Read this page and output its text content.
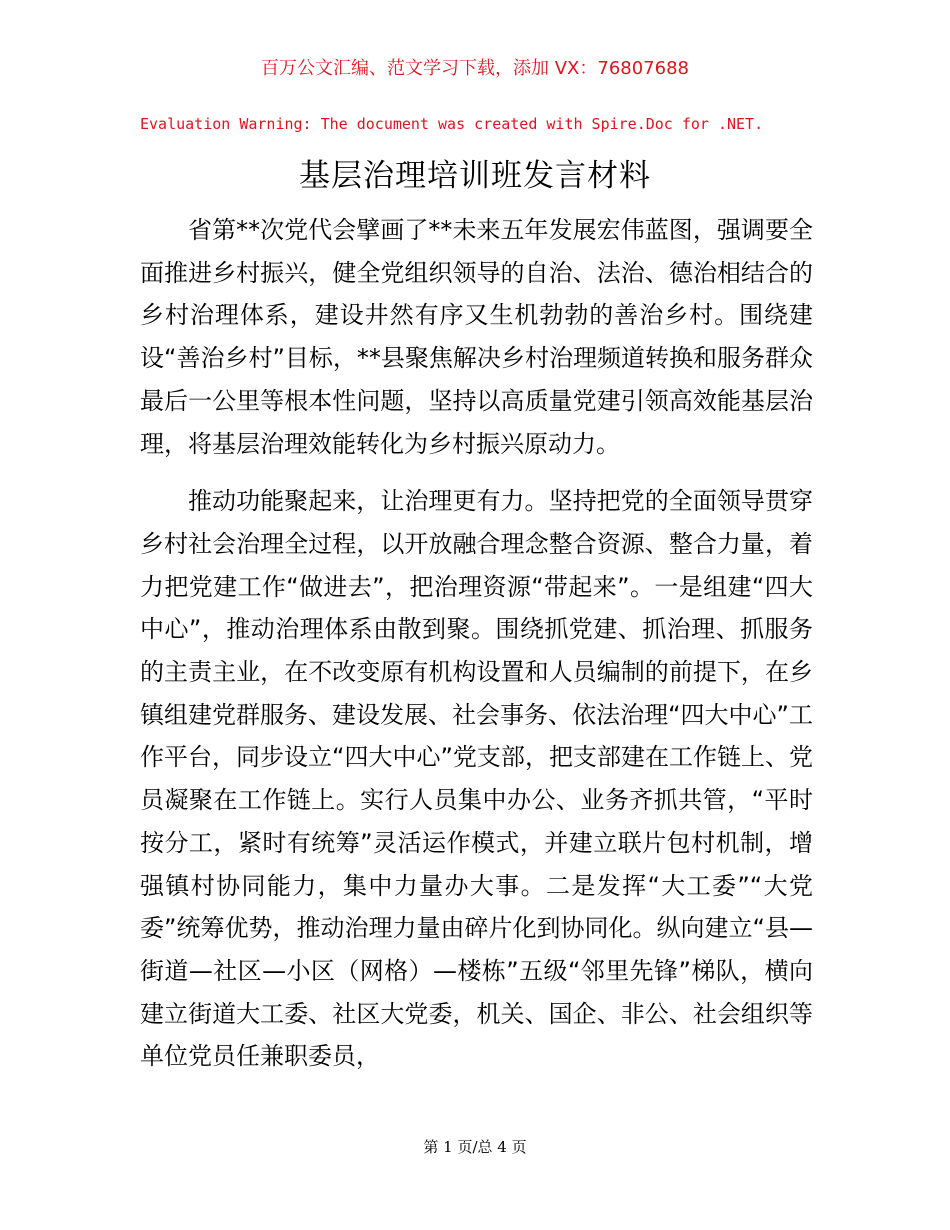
百万公文汇编、范文学习下载，添加 VX：76807688
Evaluation Warning: The document was created with Spire.Doc for .NET.
基层治理培训班发言材料

省第**次党代会擘画了**未来五年发展宏伟蓝图，强调要全面推进乡村振兴，健全党组织领导的自治、法治、德治相结合的乡村治理体系，建设井然有序又生机勃勃的善治乡村。围绕建设“善治乡村”目标，**县聚焦解决乡村治理频道转换和服务群众最后一公里等根本性问题，坚持以高质量党建引领高效能基层治理，将基层治理效能转化为乡村振兴原动力。

推动功能聚起来，让治理更有力。坚持把党的全面领导贯穿乡村社会治理全过程，以开放融合理念整合资源、整合力量，着力把党建工作“做进去”，把治理资源“带起来”。一是组建“四大中心”，推动治理体系由散到聚。围绕抓党建、抓治理、抓服务的主责主业，在不改变原有机构设置和人员编制的前提下，在乡镇组建党群服务、建设发展、社会事务、依法治理“四大中心”工作平台，同步设立“四大中心”党支部，把支部建在工作链上、党员凝聚在工作链上。实行人员集中办公、业务齐抓共管，“平时按分工，紧时有统筹”灵活运作模式，并建立联片包村机制，增强镇村协同能力，集中力量办大事。二是发挥“大工委”“大党委”统筹优势，推动治理力量由碎片化到协同化。纵向建立“县—街道—社区—小区（网格）—楼栋”五级“邻里先锋”梯队，横向建立街道大工委、社区大党委，机关、国企、非公、社会组织等单位党员任兼职委员，

第 1 页/总 4 页
